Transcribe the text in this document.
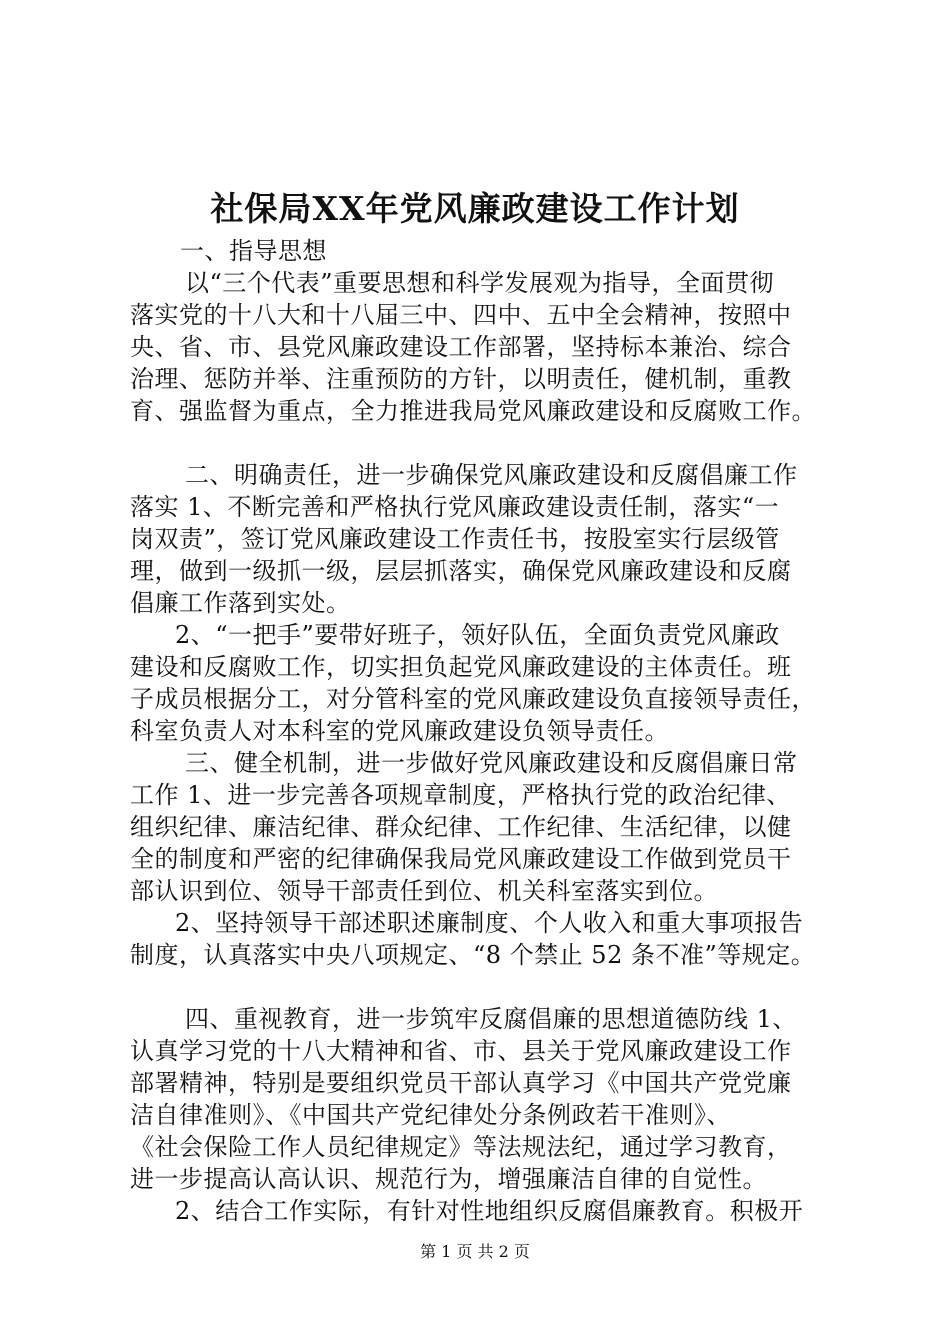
社保局XX年党风廉政建设工作计划
一、指导思想
以“三个代表”重要思想和科学发展观为指导，全面贯彻
落实党的十八大和十八届三中、四中、五中全会精神，按照中
央、省、市、县党风廉政建设工作部署，坚持标本兼治、综合
治理、惩防并举、注重预防的方针，以明责任，健机制，重教
育、强监督为重点，全力推进我局党风廉政建设和反腐败工作。
二、明确责任，进一步确保党风廉政建设和反腐倡廉工作
落实 1、不断完善和严格执行党风廉政建设责任制，落实“一
岗双责”，签订党风廉政建设工作责任书，按股室实行层级管
理，做到一级抓一级，层层抓落实，确保党风廉政建设和反腐
倡廉工作落到实处。
2、“一把手”要带好班子，领好队伍，全面负责党风廉政
建设和反腐败工作，切实担负起党风廉政建设的主体责任。班
子成员根据分工，对分管科室的党风廉政建设负直接领导责任，
科室负责人对本科室的党风廉政建设负领导责任。
三、健全机制，进一步做好党风廉政建设和反腐倡廉日常
工作 1、进一步完善各项规章制度，严格执行党的政治纪律、
组织纪律、廉洁纪律、群众纪律、工作纪律、生活纪律，以健
全的制度和严密的纪律确保我局党风廉政建设工作做到党员干
部认识到位、领导干部责任到位、机关科室落实到位。
2、坚持领导干部述职述廉制度、个人收入和重大事项报告
制度，认真落实中央八项规定、“8 个禁止 52 条不准”等规定。
四、重视教育，进一步筑牢反腐倡廉的思想道德防线 1、
认真学习党的十八大精神和省、市、县关于党风廉政建设工作
部署精神，特别是要组织党员干部认真学习《中国共产党党廉
洁自律准则》、《中国共产党纪律处分条例政若干准则》、
《社会保险工作人员纪律规定》等法规法纪，通过学习教育，
进一步提高认高认识、规范行为，增强廉洁自律的自觉性。
2、结合工作实际，有针对性地组织反腐倡廉教育。积极开
第 1 页 共 2 页
